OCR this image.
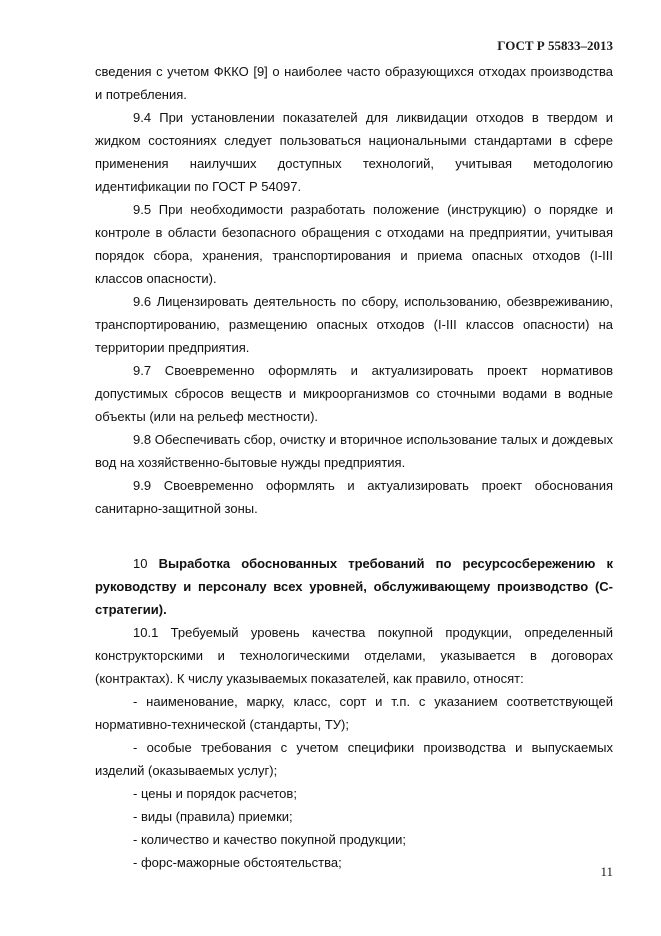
ГОСТ Р 55833–2013

сведения с учетом ФККО [9] о наиболее часто образующихся отходах производства и потребления.

9.4 При установлении показателей для ликвидации отходов в твердом и жидком состояниях следует пользоваться национальными стандартами в сфере применения наилучших доступных технологий, учитывая методологию идентификации по ГОСТ Р 54097.

9.5 При необходимости разработать положение (инструкцию) о порядке и контроле в области безопасного обращения с отходами на предприятии, учитывая порядок сбора, хранения, транспортирования и приема опасных отходов (I-III классов опасности).

9.6 Лицензировать деятельность по сбору, использованию, обезвреживанию, транспортированию, размещению опасных отходов (I-III классов опасности) на территории предприятия.

9.7 Своевременно оформлять и актуализировать проект нормативов допустимых сбросов веществ и микроорганизмов со сточными водами в водные объекты (или на рельеф местности).

9.8 Обеспечивать сбор, очистку и вторичное использование талых и дождевых вод на хозяйственно-бытовые нужды предприятия.

9.9 Своевременно оформлять и актуализировать проект обоснования санитарно-защитной зоны.

10 Выработка обоснованных требований по ресурсосбережению к руководству и персоналу всех уровней, обслуживающему производство (С-стратегии).

10.1 Требуемый уровень качества покупной продукции, определенный конструкторскими и технологическими отделами, указывается в договорах (контрактах). К числу указываемых показателей, как правило, относят:

- наименование, марку, класс, сорт и т.п. с указанием соответствующей нормативно-технической (стандарты, ТУ);

- особые требования с учетом специфики производства и выпускаемых изделий (оказываемых услуг);

- цены и порядок расчетов;

- виды (правила) приемки;

- количество и качество покупной продукции;

- форс-мажорные обстоятельства;

11
